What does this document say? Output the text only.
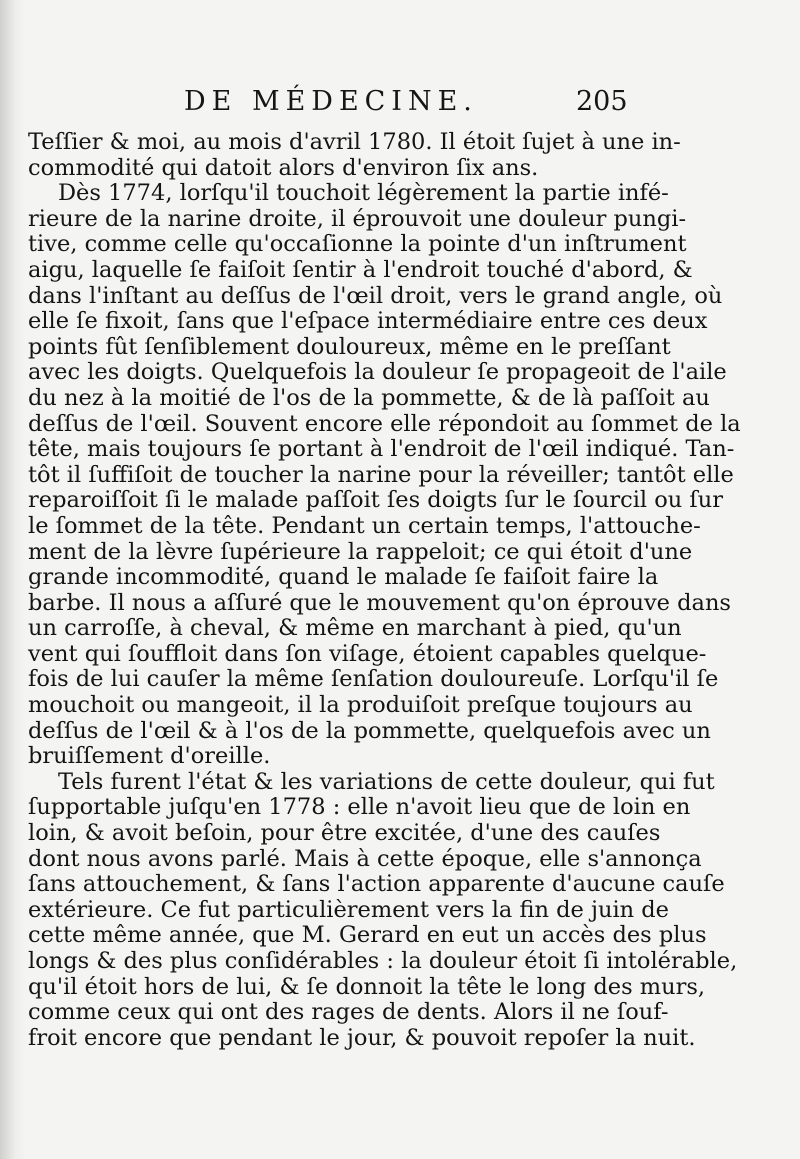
DE MÉDECINE.	205
Teſſier & moi, au mois d'avril 1780. Il étoit ſujet à une in-
commodité qui datoit alors d'environ ſix ans.
Dès 1774, lorſqu'il touchoit légèrement la partie infé-
rieure de la narine droite, il éprouvoit une douleur pungi-
tive, comme celle qu'occaſionne la pointe d'un inſtrument
aigu, laquelle ſe faiſoit ſentir à l'endroit touché d'abord, &
dans l'inſtant au deſſus de l'œil droit, vers le grand angle, où
elle ſe fixoit, ſans que l'eſpace intermédiaire entre ces deux
points fût ſenſiblement douloureux, même en le preſſant
avec les doigts. Quelquefois la douleur ſe propageoit de l'aile
du nez à la moitié de l'os de la pommette, & de là paſſoit au
deſſus de l'œil. Souvent encore elle répondoit au ſommet de la
tête, mais toujours ſe portant à l'endroit de l'œil indiqué. Tan-
tôt il ſuffiſoit de toucher la narine pour la réveiller; tantôt elle
reparoiſſoit ſi le malade paſſoit ſes doigts ſur le ſourcil ou ſur
le ſommet de la tête. Pendant un certain temps, l'attouche-
ment de la lèvre ſupérieure la rappeloit; ce qui étoit d'une
grande incommodité, quand le malade ſe faiſoit faire la
barbe. Il nous a aſſuré que le mouvement qu'on éprouve dans
un carroſſe, à cheval, & même en marchant à pied, qu'un
vent qui ſouffloit dans ſon viſage, étoient capables quelque-
fois de lui cauſer la même ſenſation douloureuſe. Lorſqu'il ſe
mouchoit ou mangeoit, il la produiſoit preſque toujours au
deſſus de l'œil & à l'os de la pommette, quelquefois avec un
bruiſſement d'oreille.
Tels furent l'état & les variations de cette douleur, qui fut
ſupportable juſqu'en 1778 : elle n'avoit lieu que de loin en
loin, & avoit beſoin, pour être excitée, d'une des cauſes
dont nous avons parlé. Mais à cette époque, elle s'annonça
ſans attouchement, & ſans l'action apparente d'aucune cauſe
extérieure. Ce fut particulièrement vers la fin de juin de
cette même année, que M. Gerard en eut un accès des plus
longs & des plus conſidérables : la douleur étoit ſi intolérable,
qu'il étoit hors de lui, & ſe donnoit la tête le long des murs,
comme ceux qui ont des rages de dents. Alors il ne ſouf-
froit encore que pendant le jour, & pouvoit repoſer la nuit.
